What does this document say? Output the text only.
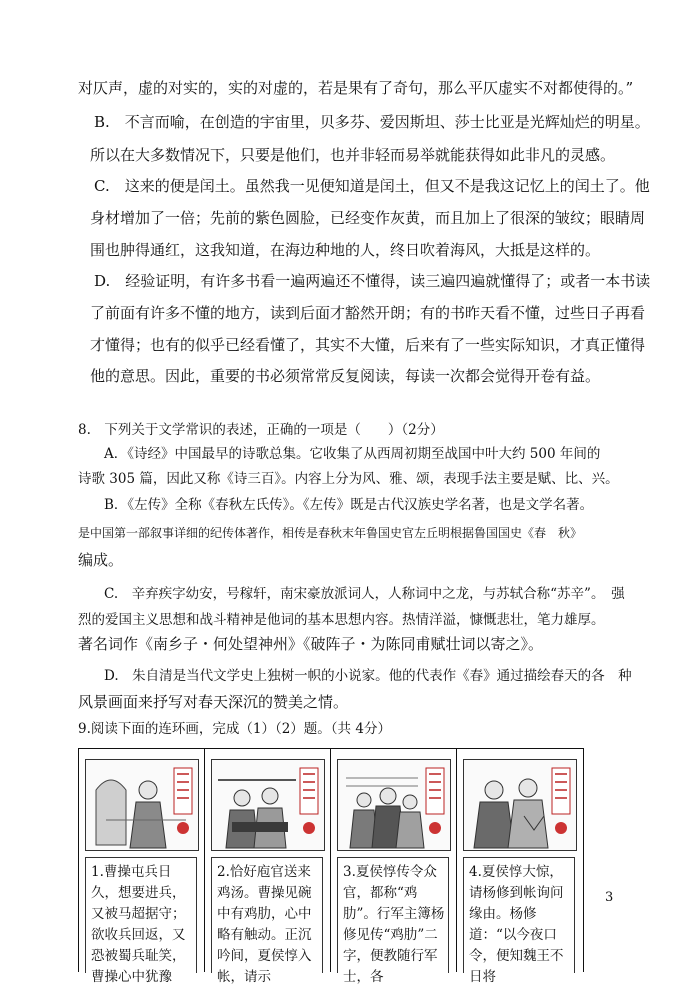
对仄声，虚的对实的，实的对虚的，若是果有了奇句，那么平仄虚实不对都使得的。”
B.　不言而喻，在创造的宇宙里，贝多芬、爱因斯坦、莎士比亚是光辉灿烂的明星。
所以在大多数情况下，只要是他们，也并非轻而易举就能获得如此非凡的灵感。
C.　这来的便是闰土。虽然我一见便知道是闰土，但又不是我这记忆上的闰土了。他
身材增加了一倍；先前的紫色圆脸，已经变作灰黄，而且加上了很深的皱纹；眼睛周
围也肿得通红，这我知道，在海边种地的人，终日吹着海风，大抵是这样的。
D.　经验证明，有许多书看一遍两遍还不懂得，读三遍四遍就懂得了；或者一本书读
了前面有许多不懂的地方，读到后面才豁然开朗；有的书昨天看不懂，过些日子再看
才懂得；也有的似乎已经看懂了，其实不大懂，后来有了一些实际知识，才真正懂得
他的意思。因此，重要的书必须常常反复阅读，每读一次都会觉得开卷有益。
8.　下列关于文学常识的表述，正确的一项是（　　）（2分）
A．《诗经》中国最早的诗歌总集。它收集了从西周初期至战国中叶大约 500 年间的
诗歌 305 篇，因此又称《诗三百》。内容上分为风、雅、颂，表现手法主要是赋、比、兴。
B．《左传》全称《春秋左氏传》。《左传》既是古代汉族史学名著，也是文学名著。
是中国第一部叙事详细的纪传体著作，相传是春秋末年鲁国史官左丘明根据鲁国国史《春　秋》
编成。
C.　辛弃疾字幼安，号稼轩，南宋豪放派词人，人称词中之龙，与苏轼合称“苏辛”。　强
烈的爱国主义思想和战斗精神是他词的基本思想内容。热情洋溢，慷慨悲壮，笔力雄厚。
著名词作《南乡子・何处望神州》《破阵子・为陈同甫赋壮词以寄之》。
D.　朱自清是当代文学史上独树一帜的小说家。他的代表作《春》通过描绘春天的各　种
风景画面来抒写对春天深沉的赞美之情。
9.阅读下面的连环画，完成（1）（2）题。（共 4分）
1.曹操屯兵日久，想要进兵，又被马超据守；欲收兵回返，又恐被蜀兵耻笑，曹操心中犹豫
2.恰好庖官送来鸡汤。曹操见碗中有鸡肋，心中略有触动。正沉吟间，夏侯惇入帐，请示
3.夏侯惇传令众官，都称“鸡肋”。行军主簿杨修见传“鸡肋”二字，便教随行军士，各
4.夏侯惇大惊，请杨修到帐询问缘由。杨修道：“以今夜口令，便知魏王不日将
3
